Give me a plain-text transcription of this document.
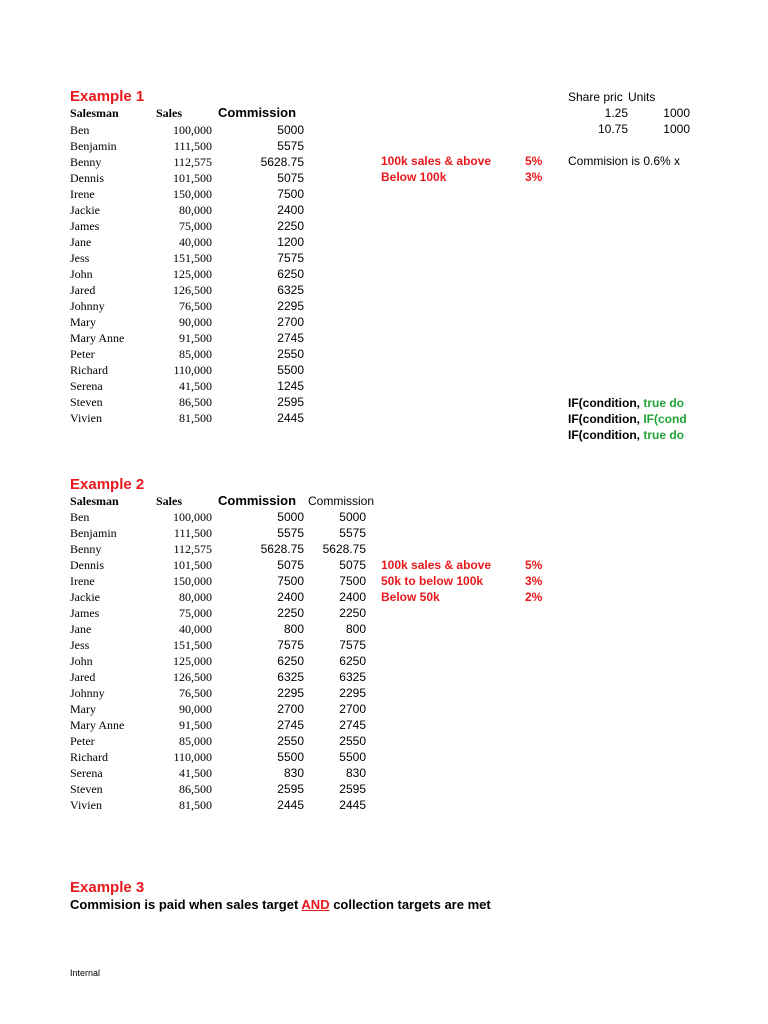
Example 1
Salesman	Sales	Commission
Ben	100,000	5000
Benjamin	111,500	5575
Benny	112,575	5628.75
Dennis	101,500	5075
Irene	150,000	7500
Jackie	80,000	2400
James	75,000	2250
Jane	40,000	1200
Jess	151,500	7575
John	125,000	6250
Jared	126,500	6325
Johnny	76,500	2295
Mary	90,000	2700
Mary Anne	91,500	2745
Peter	85,000	2550
Richard	110,000	5500
Serena	41,500	1245
Steven	86,500	2595
Vivien	81,500	2445
100k sales & above	5%
Below 100k	3%
Share pric Units
1.25	1000
10.75	1000
Commision is 0.6% x
IF(condition, true do
IF(condition, IF(cond
IF(condition, true do
Example 2
Salesman	Sales	Commission Commission
Ben	100,000	5000	5000
Benjamin	111,500	5575	5575
Benny	112,575	5628.75	5628.75
Dennis	101,500	5075	5075
Irene	150,000	7500	7500
Jackie	80,000	2400	2400
James	75,000	2250	2250
Jane	40,000	800	800
Jess	151,500	7575	7575
John	125,000	6250	6250
Jared	126,500	6325	6325
Johnny	76,500	2295	2295
Mary	90,000	2700	2700
Mary Anne	91,500	2745	2745
Peter	85,000	2550	2550
Richard	110,000	5500	5500
Serena	41,500	830	830
Steven	86,500	2595	2595
Vivien	81,500	2445	2445
100k sales & above	5%
50k to below 100k	3%
Below 50k	2%
Example 3
Commision is paid when sales target AND collection targets are met
Internal
